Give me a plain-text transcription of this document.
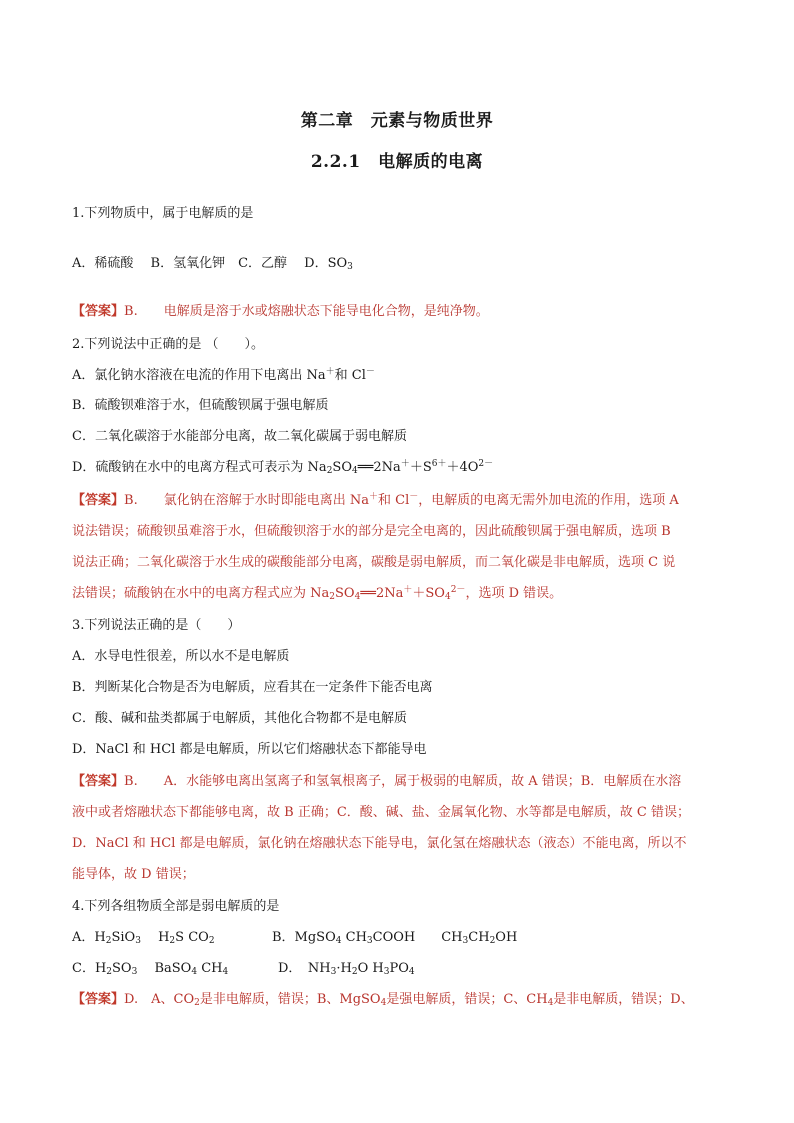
第二章　元素与物质世界
2.2.1　电解质的电离
1.下列物质中，属于电解质的是
A．稀硫酸　 B．氢氧化钾　C．乙醇　 D．$SO_3$
【答案】B.　　电解质是溶于水或熔融状态下能导电化合物，是纯净物。
2.下列说法中正确的是 （　　）。
A．氯化钠水溶液在电流的作用下电离出 Na＋和 Cl－
B．硫酸钡难溶于水，但硫酸钡属于强电解质
C．二氧化碳溶于水能部分电离，故二氧化碳属于弱电解质
D．硫酸钠在水中的电离方程式可表示为 $Na_2SO_4══2Na^++S^{6+}+4O^{2-}$
【答案】B.　　氯化钠在溶解于水时即能电离出 Na＋和 Cl－，电解质的电离无需外加电流的作用，选项 A
说法错误；硫酸钡虽难溶于水，但硫酸钡溶于水的部分是完全电离的，因此硫酸钡属于强电解质，选项 B
说法正确；二氧化碳溶于水生成的碳酸能部分电离，碳酸是弱电解质，而二氧化碳是非电解质，选项 C 说
法错误；硫酸钠在水中的电离方程式应为 $Na_2SO_4══2Na^++SO_4^{2-}$，选项 D 错误。
3.下列说法正确的是（　　）
A．水导电性很差，所以水不是电解质
B．判断某化合物是否为电解质，应看其在一定条件下能否电离
C．酸、碱和盐类都属于电解质，其他化合物都不是电解质
D．NaCl 和 HCl 都是电解质，所以它们熔融状态下都能导电
【答案】B.　　A．水能够电离出氢离子和氢氧根离子，属于极弱的电解质，故 A 错误；B．电解质在水溶
液中或者熔融状态下都能够电离，故 B 正确；C．酸、碱、盐、金属氧化物、水等都是电解质，故 C 错误；
D．NaCl 和 HCl 都是电解质，氯化钠在熔融状态下能导电，氯化氢在熔融状态（液态）不能电离，所以不
能导体，故 D 错误；
4.下列各组物质全部是弱电解质的是
A．$H_2SiO_3$　 $H_2S$ $CO_2$	B．MgSO$_4$ $CH_3COOH$　　$CH_3CH_2OH$
C．$H_2SO_3$　 BaSO$_4$ $CH_4$	D．　$NH_3\cdot H_2O$ $H_3PO_4$
【答案】D.　A、$CO_2$是非电解质，错误；B、MgSO$_4$是强电解质，错误；C、$CH_4$是非电解质，错误；D、
